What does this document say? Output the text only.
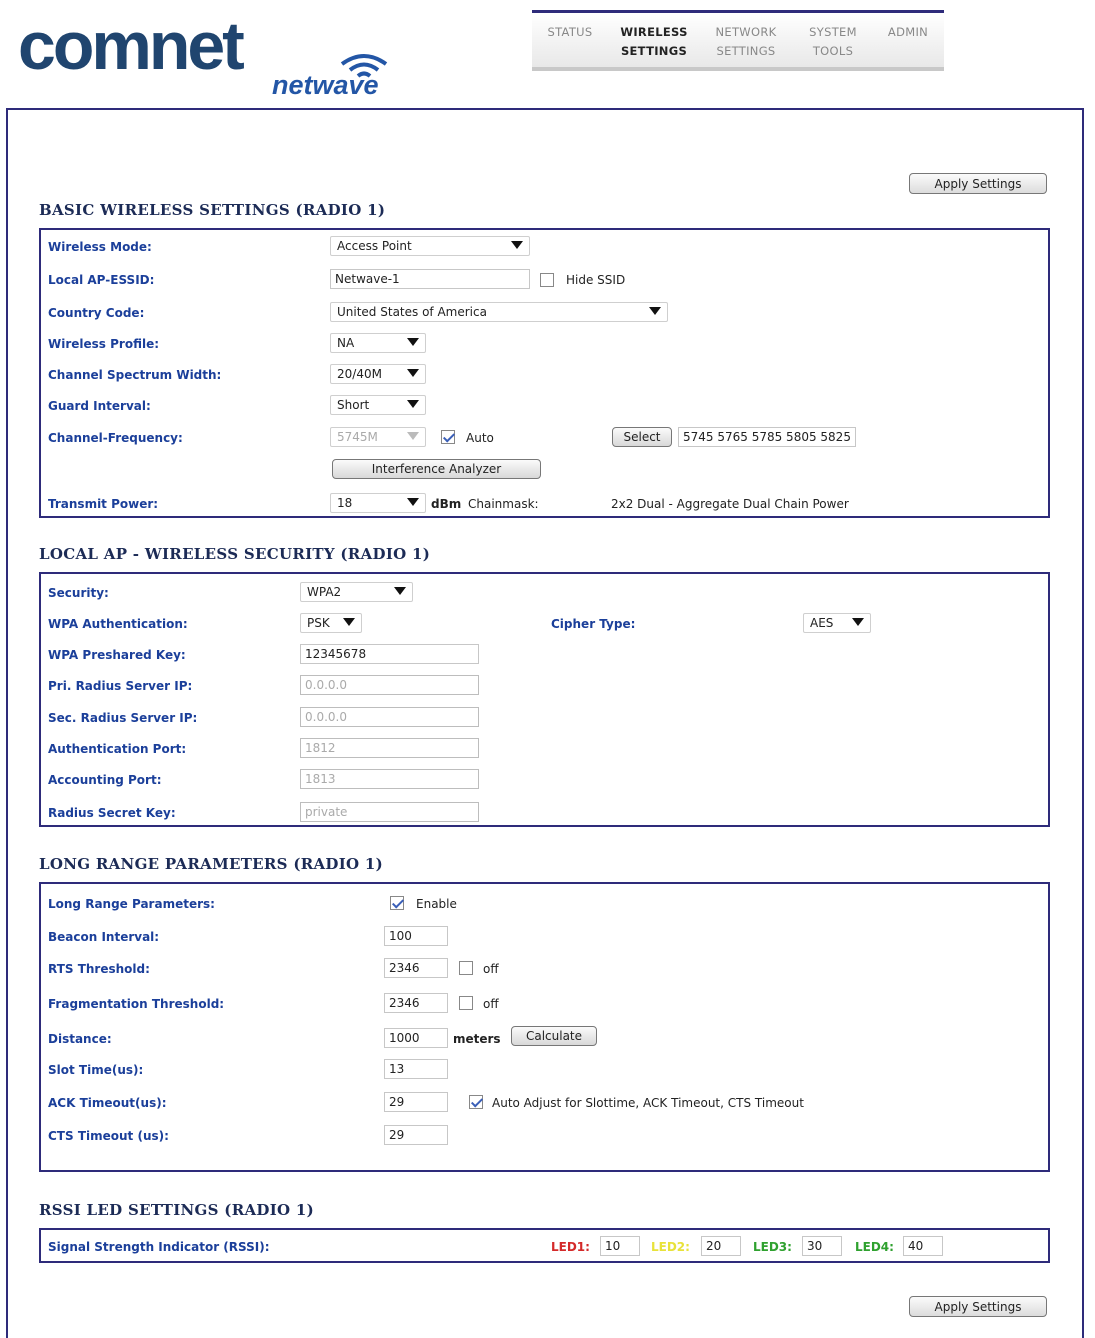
comnet
netwave
STATUS	WIRELESS
SETTINGS
NETWORK
SETTINGS
SYSTEM
TOOLS
ADMIN
Apply Settings
BASIC WIRELESS SETTINGS (RADIO 1)
Wireless Mode:	Access Point
Local AP-ESSID:	Netwave-1	Hide SSID
Country Code:	United States of America
Wireless Profile:	NA
Channel Spectrum Width:	20/40M
Guard Interval:	Short
Channel-Frequency:	5745M	Auto	Select	5745 5765 5785 5805 5825
Interference Analyzer
Transmit Power:	18	dBm Chainmask:	2x2 Dual - Aggregate Dual Chain Power
LOCAL AP - WIRELESS SECURITY (RADIO 1)
Security:	WPA2
WPA Authentication:	PSK	Cipher Type:	AES
WPA Preshared Key:	12345678
Pri. Radius Server IP:	0.0.0.0
Sec. Radius Server IP:	0.0.0.0
Authentication Port:	1812
Accounting Port:	1813
Radius Secret Key:	private
LONG RANGE PARAMETERS (RADIO 1)
Long Range Parameters:	Enable
Beacon Interval:	100
RTS Threshold:	2346	off
Fragmentation Threshold:	2346	off
Distance:	1000	meters	Calculate
Slot Time(us):	13
ACK Timeout(us):	29	Auto Adjust for Slottime, ACK Timeout, CTS Timeout
CTS Timeout (us):	29
RSSI LED SETTINGS (RADIO 1)
Signal Strength Indicator (RSSI):	LED1:	10	LED2:	20	LED3:	30	LED4:	40
Apply Settings
